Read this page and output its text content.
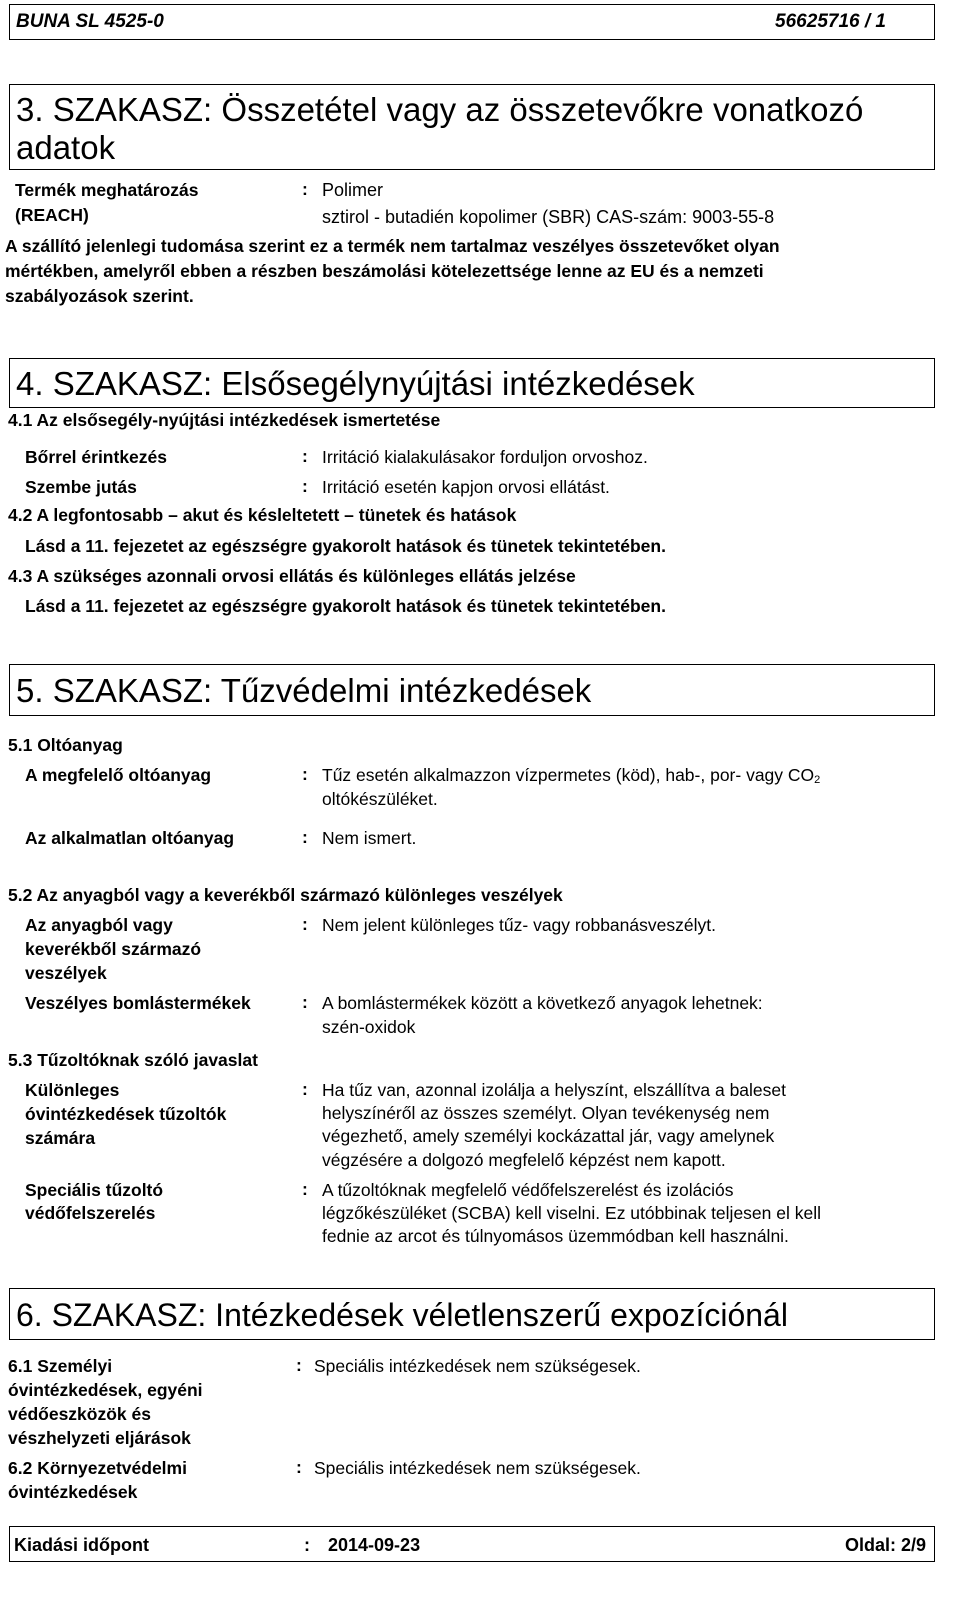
BUNA SL 4525-0	56625716 / 1
3. SZAKASZ: Összetétel vagy az összetevőkre vonatkozó
adatok
Termék meghatározás
(REACH)
: Polimer
sztirol - butadién kopolimer (SBR) CAS-szám: 9003-55-8
A szállító jelenlegi tudomása szerint ez a termék nem tartalmaz veszélyes összetevőket olyan
mértékben, amelyről ebben a részben beszámolási kötelezettsége lenne az EU és a nemzeti
szabályozások szerint.
4. SZAKASZ: Elsősegélynyújtási intézkedések
4.1 Az elsősegély-nyújtási intézkedések ismertetése
Bőrrel érintkezés	: Irritáció kialakulásakor forduljon orvoshoz.
Szembe jutás	: Irritáció esetén kapjon orvosi ellátást.
4.2 A legfontosabb – akut és késleltetett – tünetek és hatások
Lásd a 11. fejezetet az egészségre gyakorolt hatások és tünetek tekintetében.
4.3 A szükséges azonnali orvosi ellátás és különleges ellátás jelzése
Lásd a 11. fejezetet az egészségre gyakorolt hatások és tünetek tekintetében.
5. SZAKASZ: Tűzvédelmi intézkedések
5.1 Oltóanyag
A megfelelő oltóanyag	: Tűz esetén alkalmazzon vízpermetes (köd), hab-, por- vagy CO2
oltókészüléket.
Az alkalmatlan oltóanyag	: Nem ismert.
5.2 Az anyagból vagy a keverékből származó különleges veszélyek
Az anyagból vagy
keverékből származó
veszélyek
: Nem jelent különleges tűz- vagy robbanásveszélyt.
Veszélyes bomlástermékek	: A bomlástermékek között a következő anyagok lehetnek:
szén-oxidok
5.3 Tűzoltóknak szóló javaslat
Különleges
óvintézkedések tűzoltók
számára
: Ha tűz van, azonnal izolálja a helyszínt, elszállítva a baleset
helyszínéről az összes személyt. Olyan tevékenység nem
végezhető, amely személyi kockázattal jár, vagy amelynek
végzésére a dolgozó megfelelő képzést nem kapott.
Speciális tűzoltó
védőfelszerelés
: A tűzoltóknak megfelelő védőfelszerelést és izolációs
légzőkészüléket (SCBA) kell viselni. Ez utóbbinak teljesen el kell
fednie az arcot és túlnyomásos üzemmódban kell használni.
6. SZAKASZ: Intézkedések véletlenszerű expozíciónál
6.1 Személyi
óvintézkedések, egyéni
védőeszközök és
vészhelyzeti eljárások
: Speciális intézkedések nem szükségesek.
6.2 Környezetvédelmi
óvintézkedések
: Speciális intézkedések nem szükségesek.
Kiadási időpont	: 2014-09-23	Oldal: 2/9
